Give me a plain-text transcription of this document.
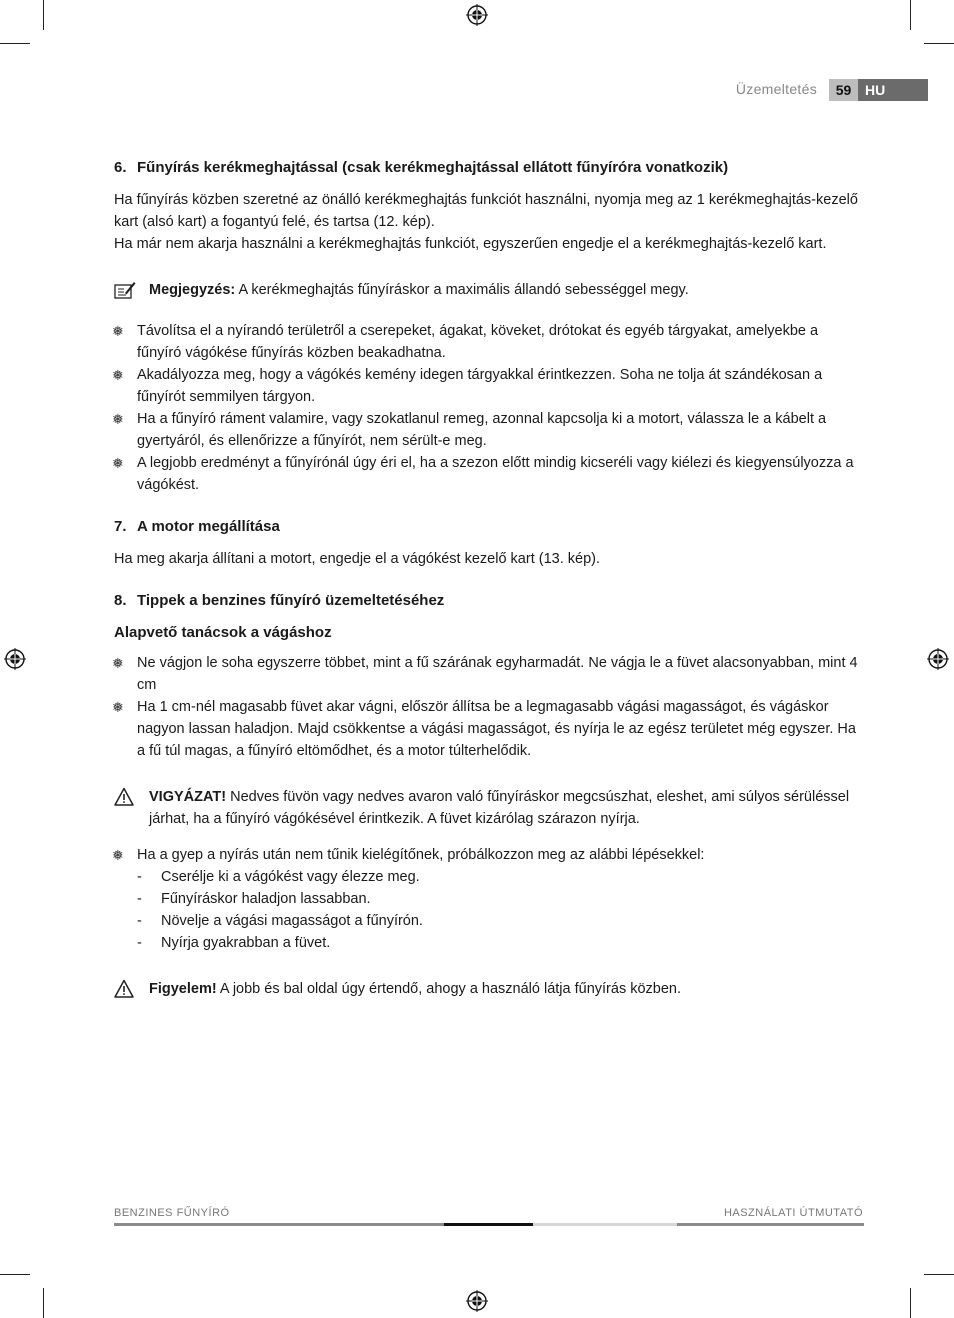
Üzemeltetés	59 HU
6. Fűnyírás kerékmeghajtással (csak kerékmeghajtással ellátott fűnyíróra vonatkozik)

Ha fűnyírás közben szeretné az önálló kerékmeghajtás funkciót használni, nyomja meg az 1 kerékmeghajtás-kezelő kart (alsó kart) a fogantyú felé, és tartsa (12. kép).

Ha már nem akarja használni a kerékmeghajtás funkciót, egyszerűen engedje el a kerékmeghajtás-kezelő kart.

Megjegyzés: A kerékmeghajtás fűnyíráskor a maximális állandó sebességgel megy.
❅ Távolítsa el a nyírandó területről a cserepeket, ágakat, köveket, drótokat és egyéb tárgyakat, amelyekbe a fűnyíró vágókése fűnyírás közben beakadhatna.
❅ Akadályozza meg, hogy a vágókés kemény idegen tárgyakkal érintkezzen. Soha ne tolja át szándékosan a fűnyírót semmilyen tárgyon.
❅ Ha a fűnyíró ráment valamire, vagy szokatlanul remeg, azonnal kapcsolja ki a motort, válassza le a kábelt a gyertyáról, és ellenőrizze a fűnyírót, nem sérült-e meg.
❅ A legjobb eredményt a fűnyírónál úgy éri el, ha a szezon előtt mindig kicseréli vagy kiélezi és kiegyensúlyozza a vágókést.
7. A motor megállítása

Ha meg akarja állítani a motort, engedje el a vágókést kezelő kart (13. kép).

8. Tippek a benzines fűnyíró üzemeltetéséhez
Alapvető tanácsok a vágáshoz
❅ Ne vágjon le soha egyszerre többet, mint a fű szárának egyharmadát. Ne vágja le a füvet alacsonyabban, mint 4 cm
❅ Ha 1 cm-nél magasabb füvet akar vágni, először állítsa be a legmagasabb vágási magasságot, és vágáskor nagyon lassan haladjon. Majd csökkentse a vágási magasságot, és nyírja le az egész területet még egyszer. Ha a fű túl magas, a fűnyíró eltömődhet, és a motor túlterhelődik.
VIGYÁZAT! Nedves füvön vagy nedves avaron való fűnyíráskor megcsúszhat, eleshet, ami súlyos sérüléssel járhat, ha a fűnyíró vágókésével érintkezik. A füvet kizárólag szárazon nyírja.
❅ Ha a gyep a nyírás után nem tűnik kielégítőnek, próbálkozzon meg az alábbi lépésekkel:
- Cserélje ki a vágókést vagy élezze meg.
- Fűnyíráskor haladjon lassabban.
- Növelje a vágási magasságot a fűnyírón.
- Nyírja gyakrabban a füvet.
Figyelem! A jobb és bal oldal úgy értendő, ahogy a használó látja fűnyírás közben.
BENZINES FŰNYÍRÓ	HASZNÁLATI ÚTMUTATÓ
